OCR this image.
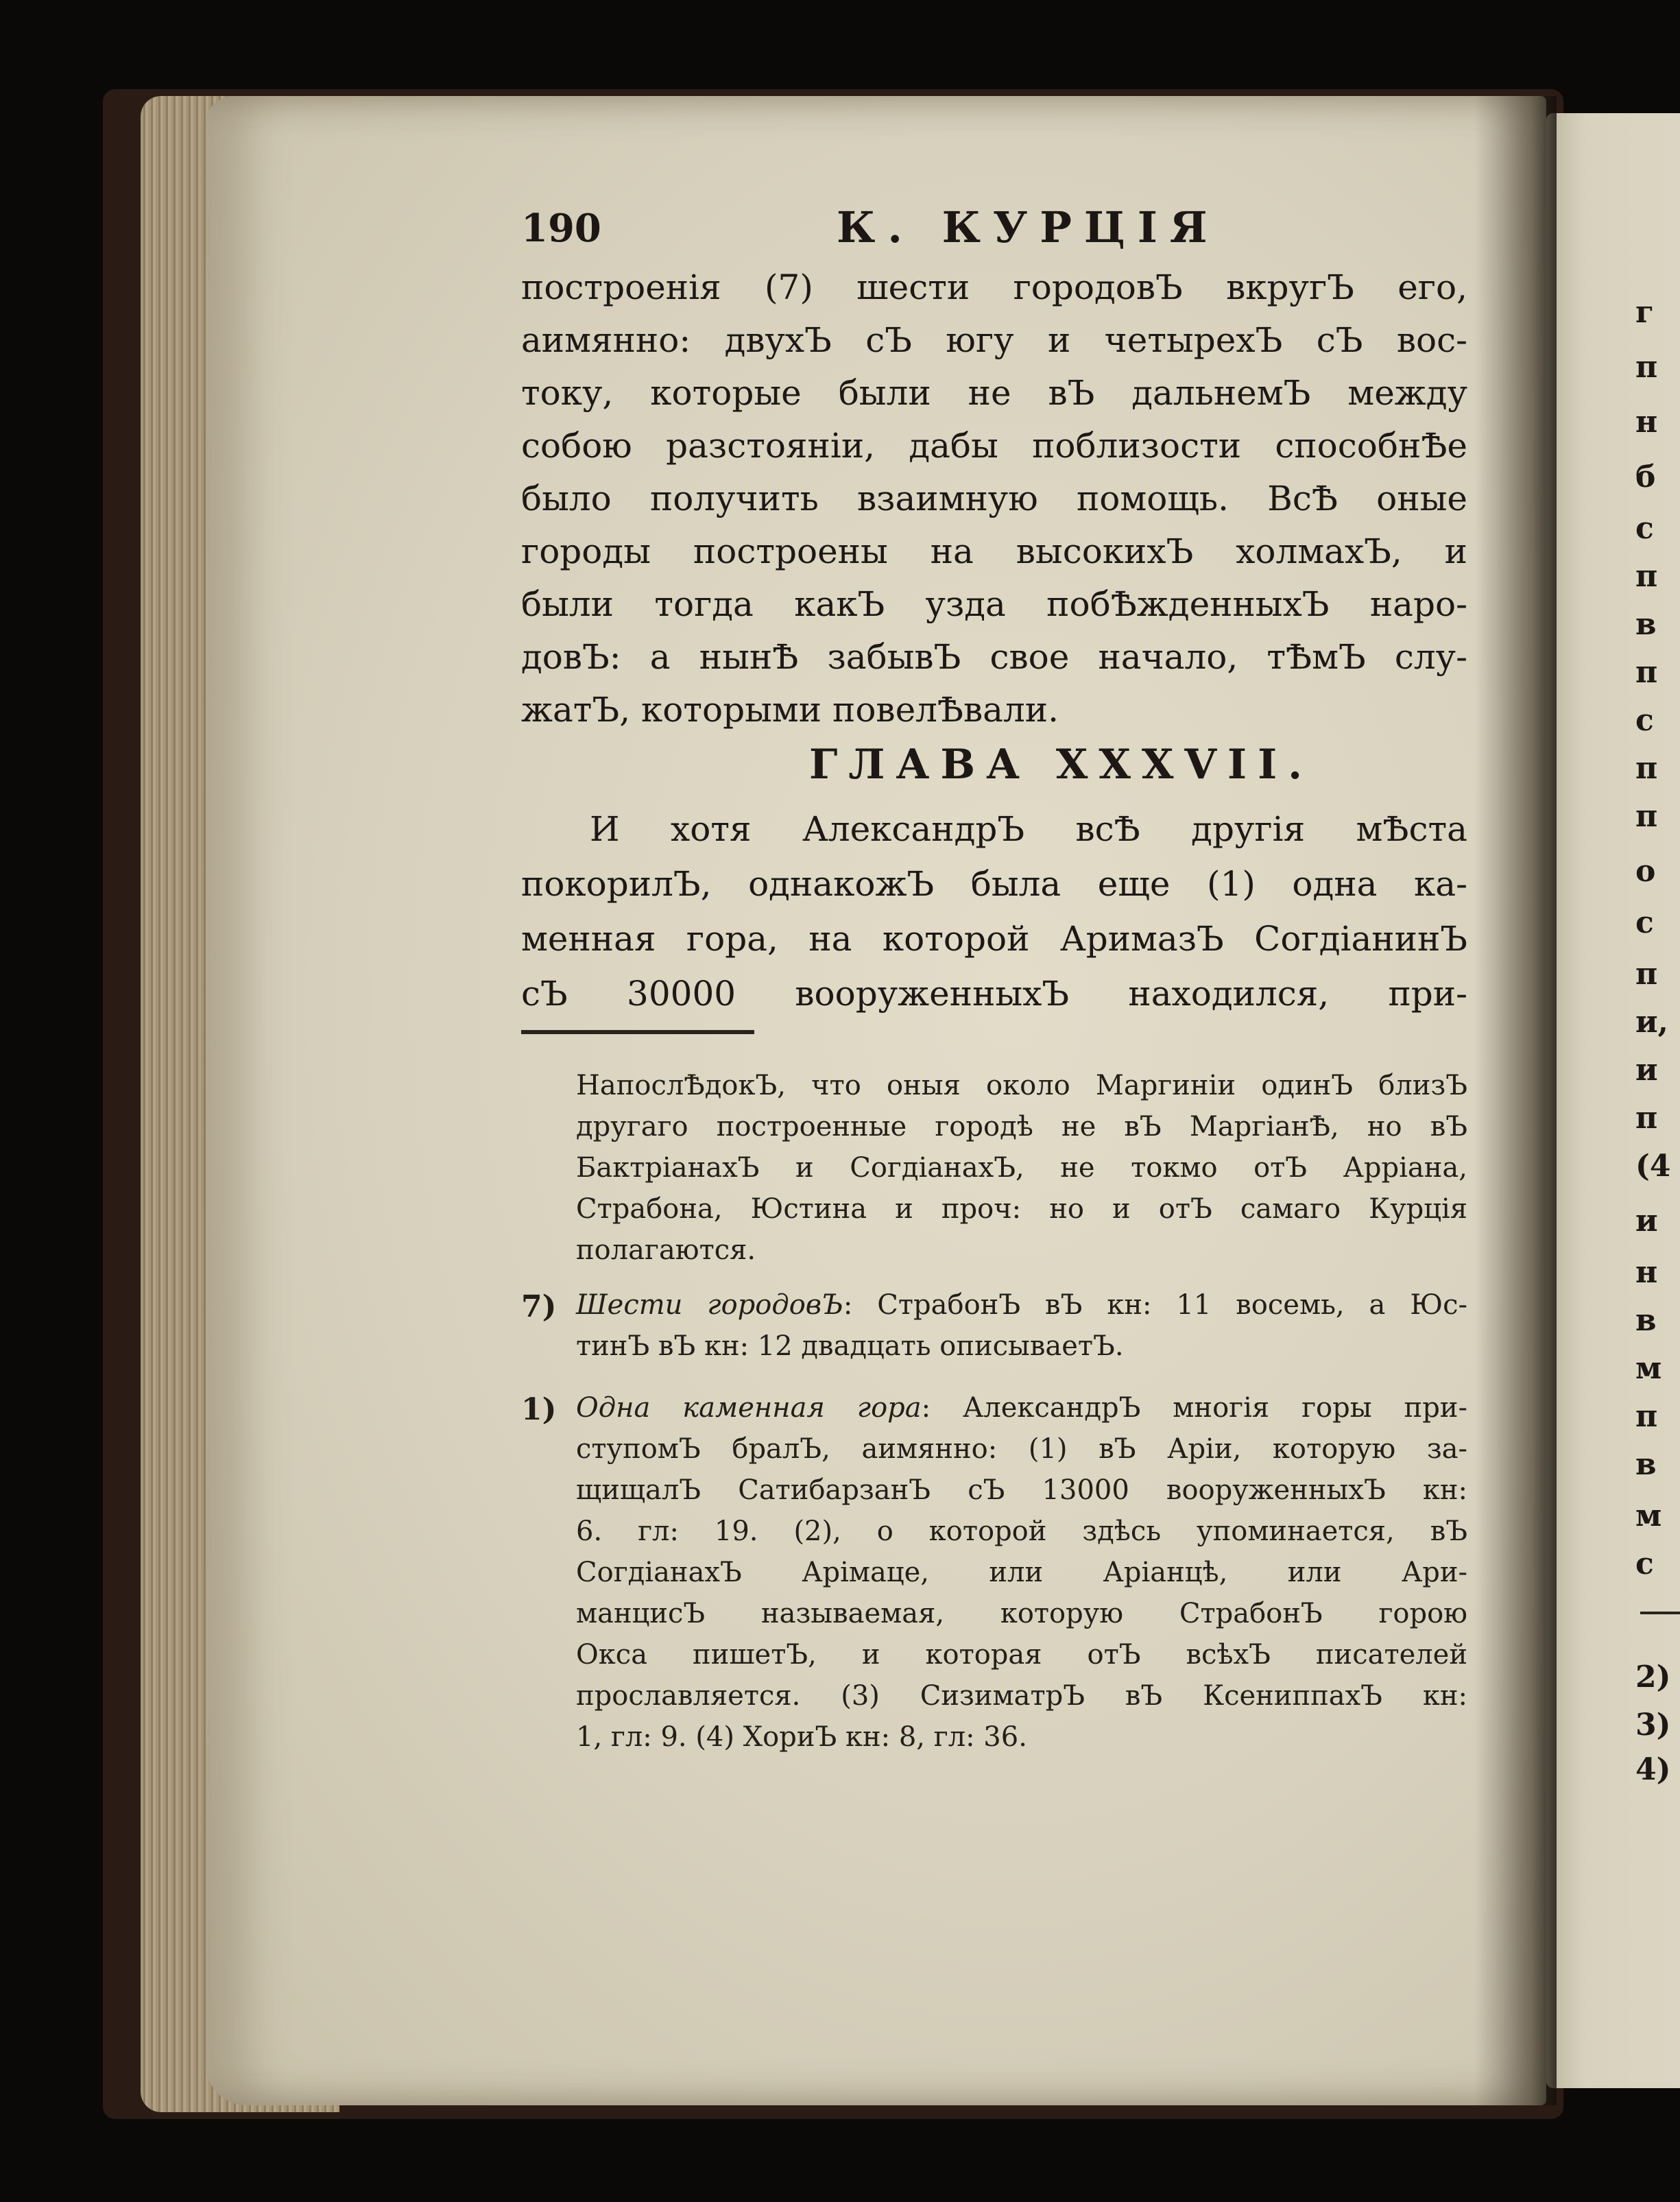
190	К. КУРЦІЯ
построенія (7) шести городовЪ вкругЪ его,
аимянно: двухЪ сЪ югу и четырехЪ сЪ вос-
току, которые были не вЪ дальнемЪ между
собою разстояніи, дабы поблизости способнѢе
было получить взаимную помощь. ВсѢ оные
городы построены на высокихЪ холмахЪ, и
были тогда какЪ узда побѢжденныхЪ наро-
довЪ: а нынѢ забывЪ свое начало, тѢмЪ слу-
жатЪ, которыми повелѢвали.
ГЛАВА XXXVII.
И хотя АлександрЪ всѢ другія мѢста
покорилЪ, однакожЪ была еще (1) одна ка-
менная гора, на которой АримазЪ СогдіанинЪ
сЪ 30000 вооруженныхЪ находился, при-
НапослѢдокЪ, что оныя около Маргиніи одинЪ близЪ
другаго построенные городѣ не вЪ МаргіанѢ, но вЪ
БактріанахЪ и СогдіанахЪ, не токмо отЪ Арріана,
Страбона, Юстина и проч: но и отЪ самаго Курція
полагаются.
7) Шести городовЪ: СтрабонЪ вЪ кн: 11 восемь, а Юс-
тинЪ вЪ кн: 12 двадцать описываетЪ.
1) Одна каменная гора: АлександрЪ многія горы при-
ступомЪ бралЪ, аимянно: (1) вЪ Аріи, которую за-
щищалЪ СатибарзанЪ сЪ 13000 вооруженныхЪ кн:
6. гл: 19. (2), о которой здѣсь упоминается, вЪ
СогдіанахЪ Арімаце, или Аріанцѣ, или Ари-
манцисЪ называемая, которую СтрабонЪ горою
Окса пишетЪ, и которая отЪ всѣхЪ писателей
прославляется. (3) СизиматрЪ вЪ КсениппахЪ кн:
1, гл: 9. (4) ХориЪ кн: 8, гл: 36.
г
п
н
б
с
п
в
п
с
п
п
о
с
п
и,
и
п
(4
и
н
в
м
п
в
м
с
2)
3)
4)
